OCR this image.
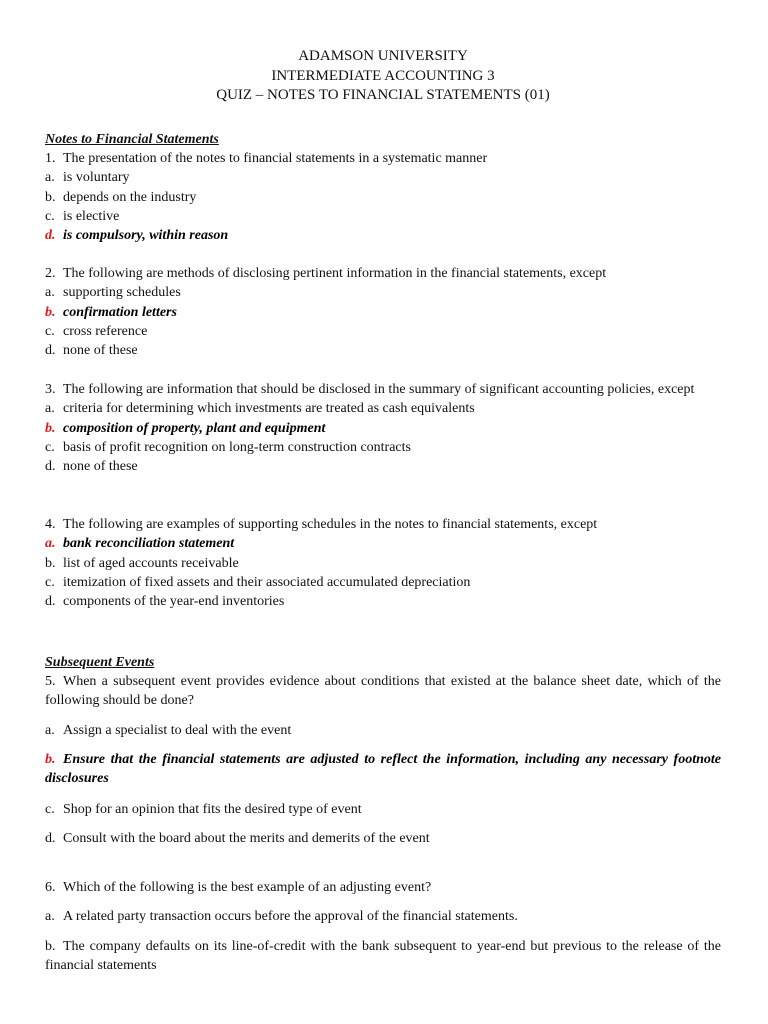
ADAMSON UNIVERSITY

INTERMEDIATE ACCOUNTING 3

QUIZ – NOTES TO FINANCIAL STATEMENTS (01)

Notes to Financial Statements

1. The presentation of the notes to financial statements in a systematic manner

a. is voluntary

b. depends on the industry

c. is elective

d. is compulsory, within reason

2. The following are methods of disclosing pertinent information in the financial statements, except

a. supporting schedules

b. confirmation letters

c. cross reference

d. none of these

3. The following are information that should be disclosed in the summary of significant accounting policies, except

a. criteria for determining which investments are treated as cash equivalents

b. composition of property, plant and equipment

c. basis of profit recognition on long-term construction contracts

d. none of these

4. The following are examples of supporting schedules in the notes to financial statements, except

a. bank reconciliation statement

b. list of aged accounts receivable

c. itemization of fixed assets and their associated accumulated depreciation

d. components of the year-end inventories

Subsequent Events

5. When a subsequent event provides evidence about conditions that existed at the balance sheet date, which of the following should be done?

a. Assign a specialist to deal with the event

b. Ensure that the financial statements are adjusted to reflect the information, including any necessary footnote disclosures

c. Shop for an opinion that fits the desired type of event

d. Consult with the board about the merits and demerits of the event

6. Which of the following is the best example of an adjusting event?

a. A related party transaction occurs before the approval of the financial statements.

b. The company defaults on its line-of-credit with the bank subsequent to year-end but previous to the release of the financial statements
